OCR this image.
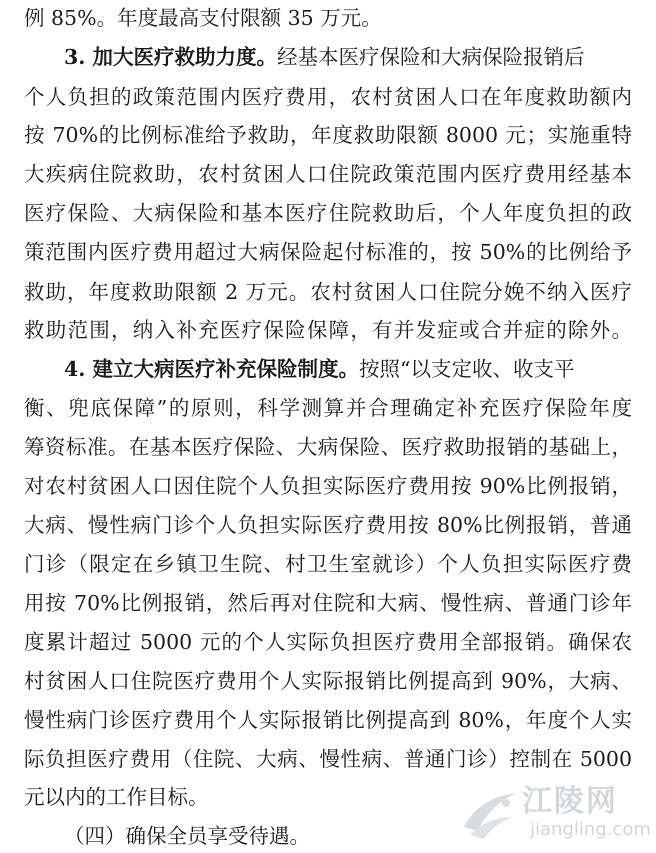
例 85%。年度最高支付限额 35 万元。
3. 加大医疗救助力度。经基本医疗保险和大病保险报销后
个人负担的政策范围内医疗费用，农村贫困人口在年度救助额内
按 70%的比例标准给予救助，年度救助限额 8000 元；实施重特
大疾病住院救助，农村贫困人口住院政策范围内医疗费用经基本
医疗保险、大病保险和基本医疗住院救助后，个人年度负担的政
策范围内医疗费用超过大病保险起付标准的，按 50%的比例给予
救助，年度救助限额 2 万元。农村贫困人口住院分娩不纳入医疗
救助范围，纳入补充医疗保险保障，有并发症或合并症的除外。
4. 建立大病医疗补充保险制度。按照“以支定收、收支平
衡、兜底保障”的原则，科学测算并合理确定补充医疗保险年度
筹资标准。在基本医疗保险、大病保险、医疗救助报销的基础上，
对农村贫困人口因住院个人负担实际医疗费用按 90%比例报销，
大病、慢性病门诊个人负担实际医疗费用按 80%比例报销，普通
门诊（限定在乡镇卫生院、村卫生室就诊）个人负担实际医疗费
用按 70%比例报销，然后再对住院和大病、慢性病、普通门诊年
度累计超过 5000 元的个人实际负担医疗费用全部报销。确保农
村贫困人口住院医疗费用个人实际报销比例提高到 90%，大病、
慢性病门诊医疗费用个人实际报销比例提高到 80%，年度个人实
际负担医疗费用（住院、大病、慢性病、普通门诊）控制在 5000
元以内的工作目标。
（四）确保全员享受待遇。
江陵网
jiangling.com
